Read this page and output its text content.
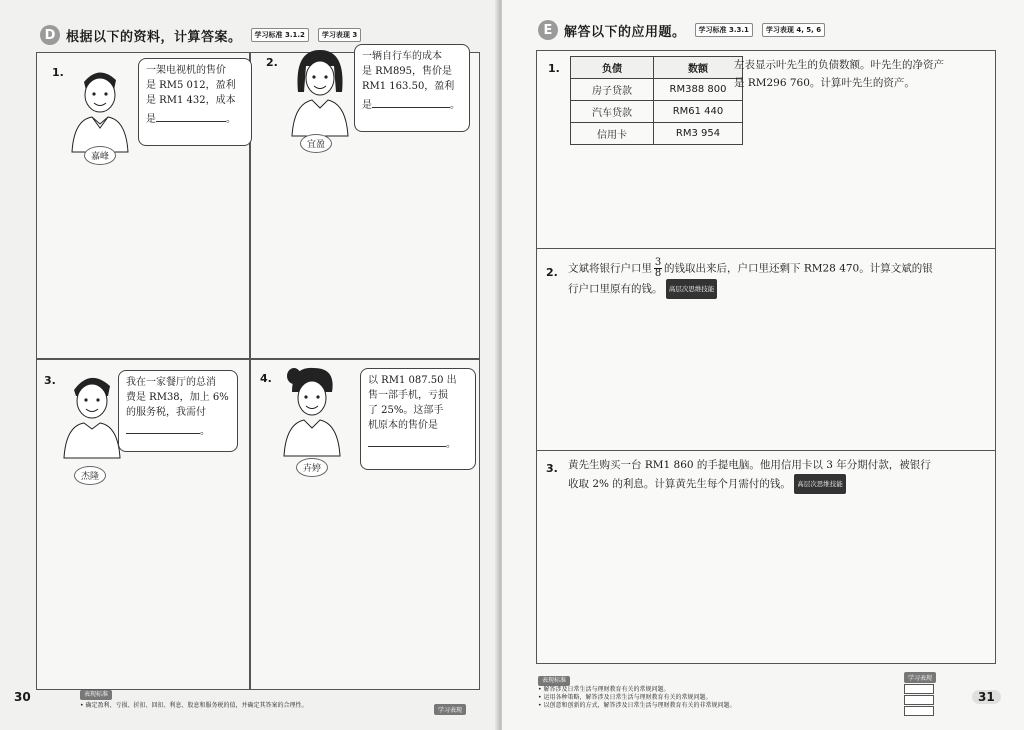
D 根据以下的资料，计算答案。	学习标准 3.1.2	学习表现 3
1.
嘉峰
一架电视机的售价
是 RM5 012，盈利
是 RM1 432，成本
是	。
2.
宜盈
一辆自行车的成本
是 RM895，售价是
RM1 163.50，盈利
是	。
3.
杰隆
我在一家餐厅的总消
费是 RM38，加上 6%
的服务税，我需付
。
4.
卉婷
以 RM1 087.50 出
售一部手机，亏损
了 25%。这部手
机原本的售价是
。
30	表现标准
• 确定盈利、亏损、折扣、回扣、利息、股息和服务税的值，并确定其答案的合理性。
学习表现
E 解答以下的应用题。	学习标准 3.3.1	学习表现 4, 5, 6
1.	负债	数额
房子贷款	RM388 800
汽车贷款	RM61 440
信用卡	RM3 954
左表显示叶先生的负债数额。叶先生的净资产
是 RM296 760。计算叶先生的资产。
2. 文斌将银行户口里 $\frac{3}{8}$ 的钱取出来后，户口里还剩下 RM28 470。计算文斌的银
行户口里原有的钱。 高层次思维技能
3. 黄先生购买一台 RM1 860 的手提电脑。他用信用卡以 3 年分期付款，被银行
收取 2% 的利息。计算黄先生每个月需付的钱。 高层次思维技能
表现标准
• 解答涉及日常生活与理财教育有关的常规问题。
• 运用各种策略，解答涉及日常生活与理财教育有关的常规问题。
• 以创意和创新的方式，解答涉及日常生活与理财教育有关的非常规问题。
学习表现
31
